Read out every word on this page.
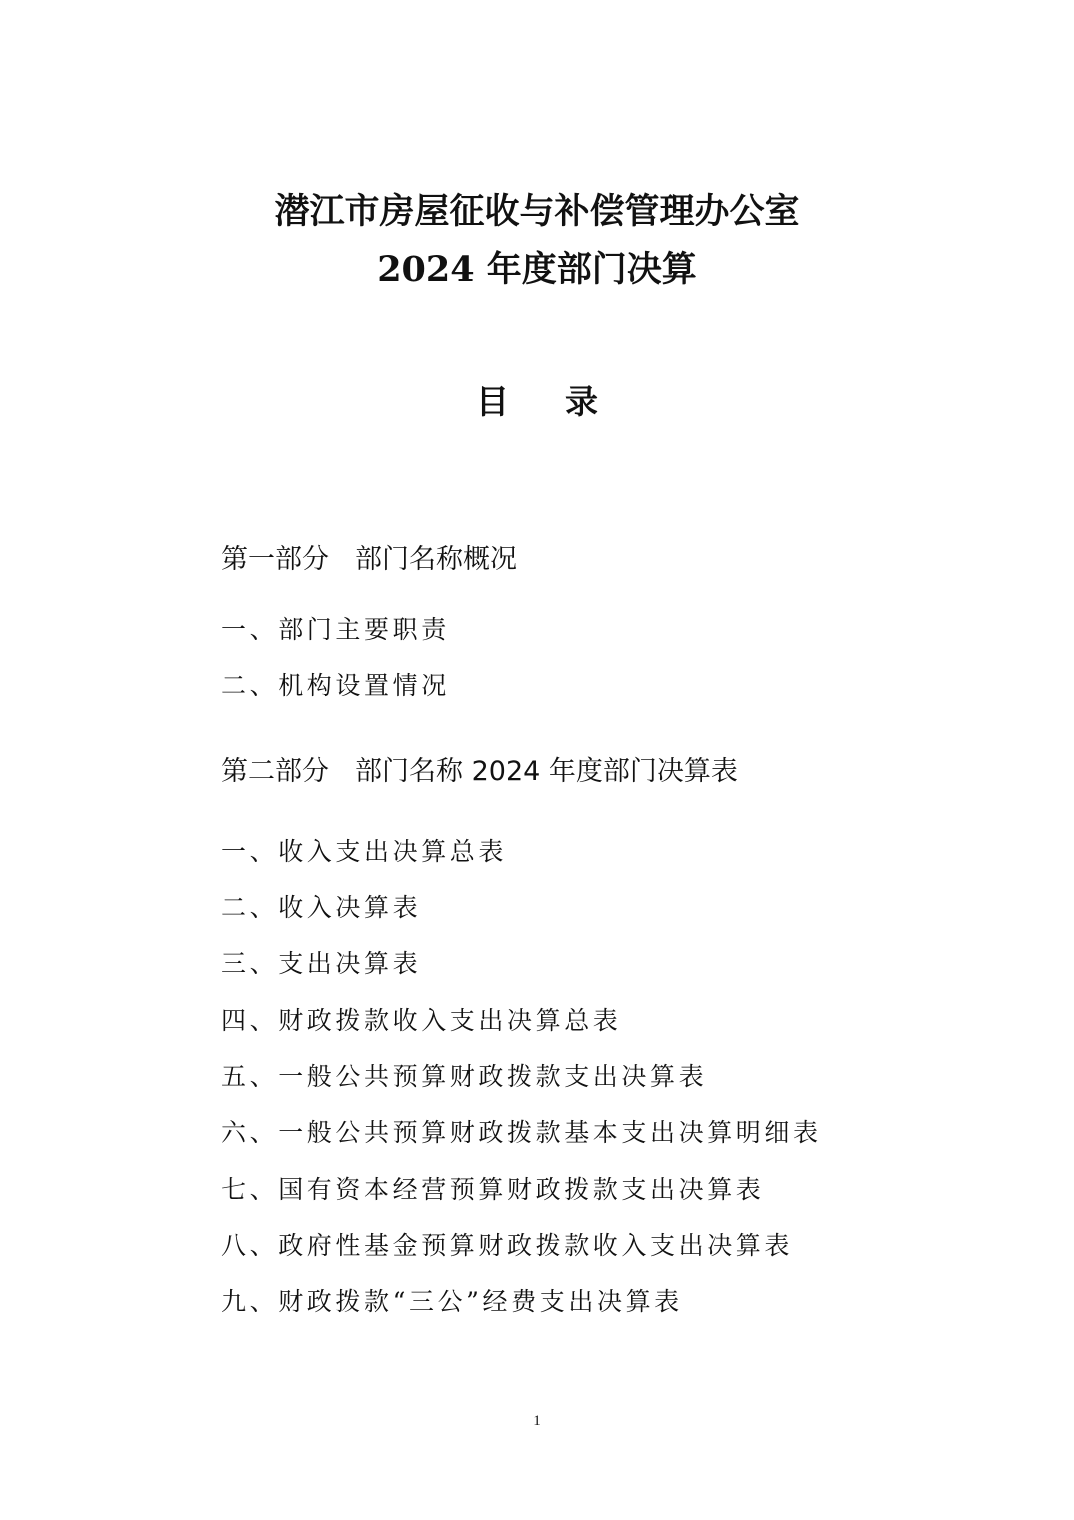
潜江市房屋征收与补偿管理办公室
2024 年度部门决算
目录
第一部分 部门名称概况
一、部门主要职责
二、机构设置情况
第二部分 部门名称 2024 年度部门决算表
一、收入支出决算总表
二、收入决算表
三、支出决算表
四、财政拨款收入支出决算总表
五、一般公共预算财政拨款支出决算表
六、一般公共预算财政拨款基本支出决算明细表
七、国有资本经营预算财政拨款支出决算表
八、政府性基金预算财政拨款收入支出决算表
九、财政拨款“三公”经费支出决算表
1
